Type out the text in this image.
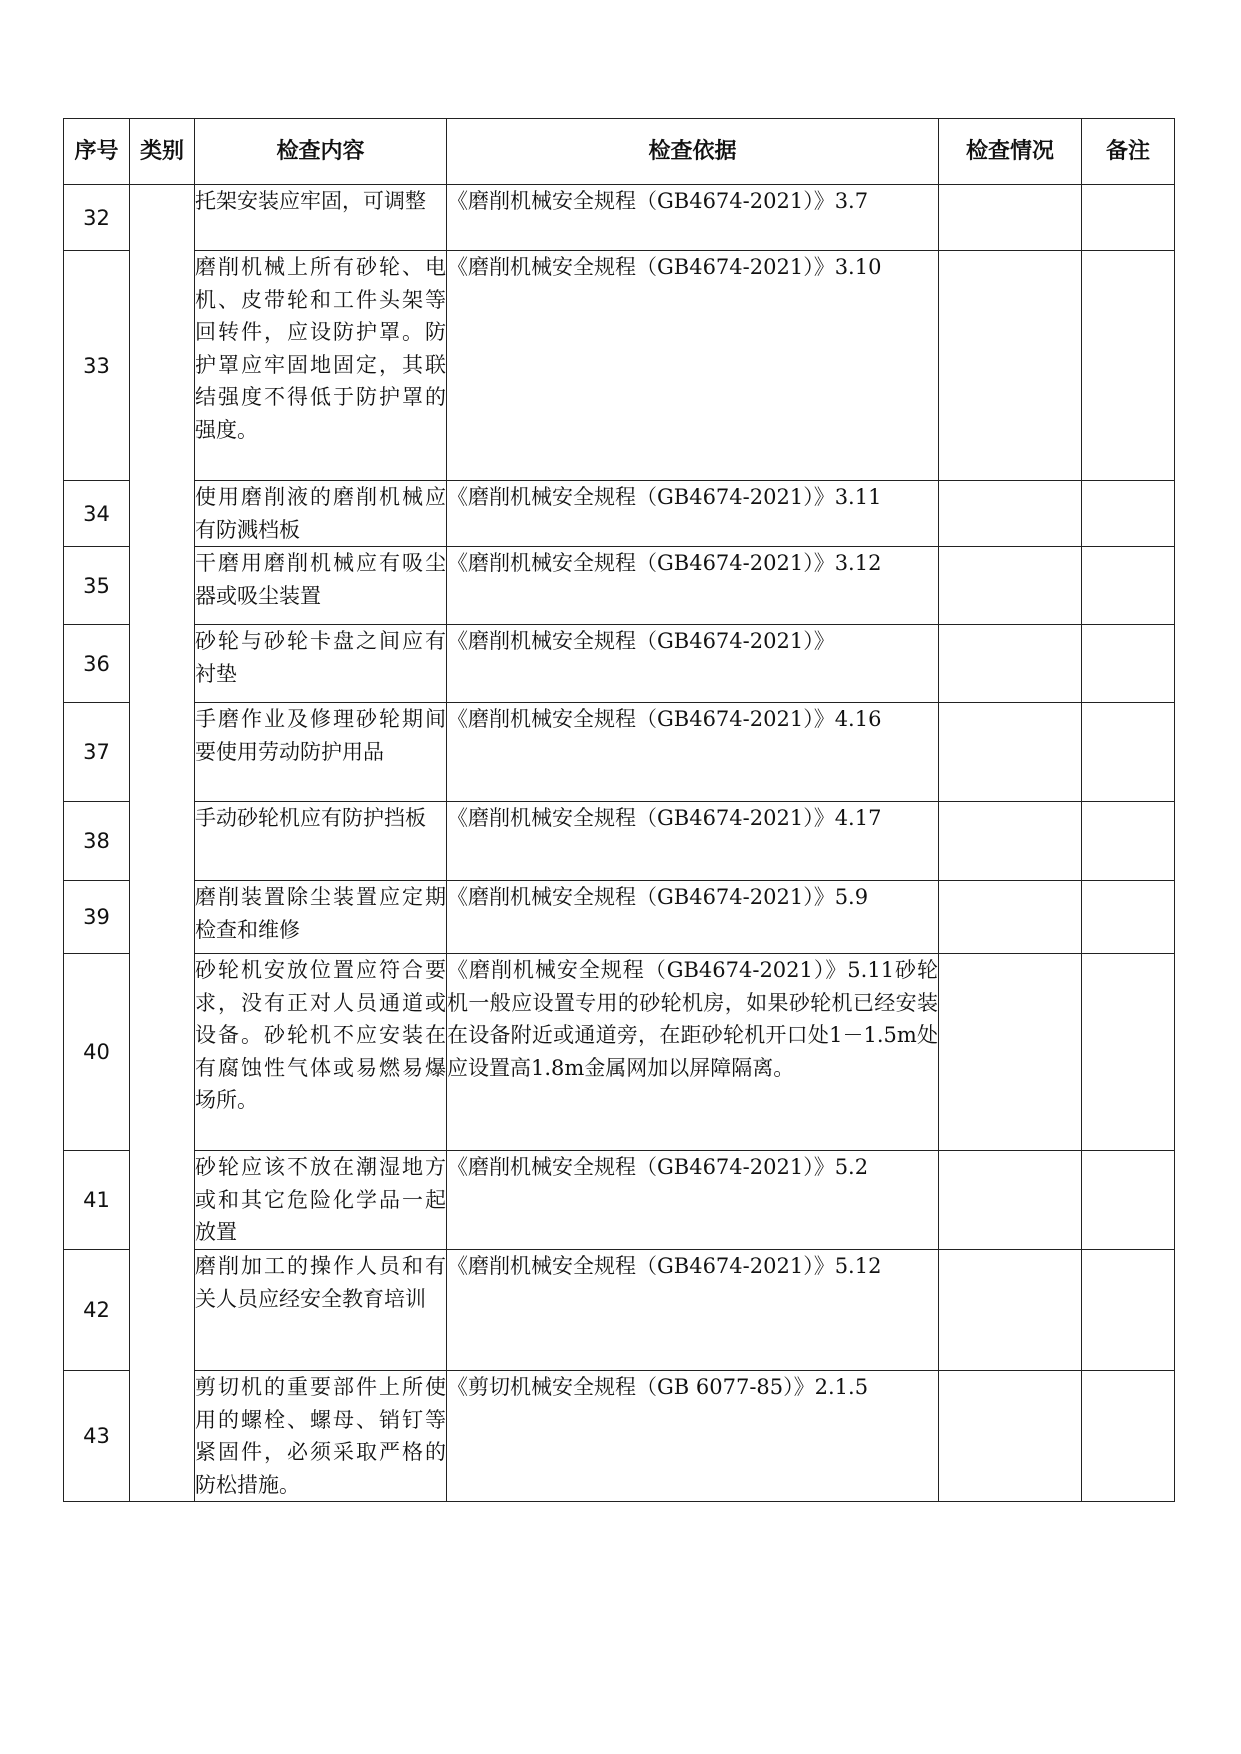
序号	类别	检查内容	检查依据	检查情况	备注
32		托架安装应牢固，可调整	《磨削机械安全规程（GB4674-2021）》3.7		
33		磨削机械上所有砂轮、电机、皮带轮和工件头架等回转件，应设防护罩。防护罩应牢固地固定，其联结强度不得低于防护罩的强度。	《磨削机械安全规程（GB4674-2021）》3.10		
34		使用磨削液的磨削机械应有防溅档板	《磨削机械安全规程（GB4674-2021）》3.11		
35		干磨用磨削机械应有吸尘器或吸尘装置	《磨削机械安全规程（GB4674-2021）》3.12		
36		砂轮与砂轮卡盘之间应有衬垫	《磨削机械安全规程（GB4674-2021）》		
37		手磨作业及修理砂轮期间要使用劳动防护用品	《磨削机械安全规程（GB4674-2021）》4.16		
38		手动砂轮机应有防护挡板	《磨削机械安全规程（GB4674-2021）》4.17		
39		磨削装置除尘装置应定期检查和维修	《磨削机械安全规程（GB4674-2021）》5.9		
40		砂轮机安放位置应符合要求，没有正对人员通道或设备。砂轮机不应安装在有腐蚀性气体或易燃易爆场所。	《磨削机械安全规程（GB4674-2021）》5.11砂轮机一般应设置专用的砂轮机房，如果砂轮机已经安装在设备附近或通道旁，在距砂轮机开口处1－1.5m处应设置高1.8m金属网加以屏障隔离。		
41		砂轮应该不放在潮湿地方或和其它危险化学品一起放置	《磨削机械安全规程（GB4674-2021）》5.2		
42		磨削加工的操作人员和有关人员应经安全教育培训	《磨削机械安全规程（GB4674-2021）》5.12		
43		剪切机的重要部件上所使用的螺栓、螺母、销钉等紧固件，必须采取严格的防松措施。	《剪切机械安全规程（GB 6077-85）》2.1.5		
